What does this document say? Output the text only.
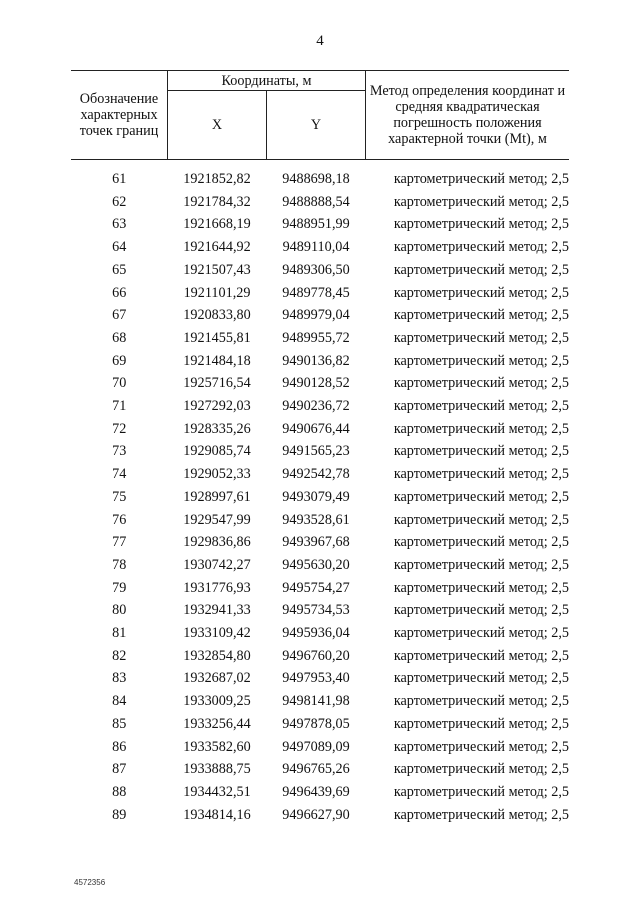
4
Обозначение характерных точек границ	Координаты, м		Метод определения координат и средняя квадратическая погрешность положения характерной точки (Mt), м
	X	Y	

61	1921852,82	9488698,18	картометрический метод; 2,5
62	1921784,32	9488888,54	картометрический метод; 2,5
63	1921668,19	9488951,99	картометрический метод; 2,5
64	1921644,92	9489110,04	картометрический метод; 2,5
65	1921507,43	9489306,50	картометрический метод; 2,5
66	1921101,29	9489778,45	картометрический метод; 2,5
67	1920833,80	9489979,04	картометрический метод; 2,5
68	1921455,81	9489955,72	картометрический метод; 2,5
69	1921484,18	9490136,82	картометрический метод; 2,5
70	1925716,54	9490128,52	картометрический метод; 2,5
71	1927292,03	9490236,72	картометрический метод; 2,5
72	1928335,26	9490676,44	картометрический метод; 2,5
73	1929085,74	9491565,23	картометрический метод; 2,5
74	1929052,33	9492542,78	картометрический метод; 2,5
75	1928997,61	9493079,49	картометрический метод; 2,5
76	1929547,99	9493528,61	картометрический метод; 2,5
77	1929836,86	9493967,68	картометрический метод; 2,5
78	1930742,27	9495630,20	картометрический метод; 2,5
79	1931776,93	9495754,27	картометрический метод; 2,5
80	1932941,33	9495734,53	картометрический метод; 2,5
81	1933109,42	9495936,04	картометрический метод; 2,5
82	1932854,80	9496760,20	картометрический метод; 2,5
83	1932687,02	9497953,40	картометрический метод; 2,5
84	1933009,25	9498141,98	картометрический метод; 2,5
85	1933256,44	9497878,05	картометрический метод; 2,5
86	1933582,60	9497089,09	картометрический метод; 2,5
87	1933888,75	9496765,26	картометрический метод; 2,5
88	1934432,51	9496439,69	картометрический метод; 2,5
89	1934814,16	9496627,90	картометрический метод; 2,5
4572356
